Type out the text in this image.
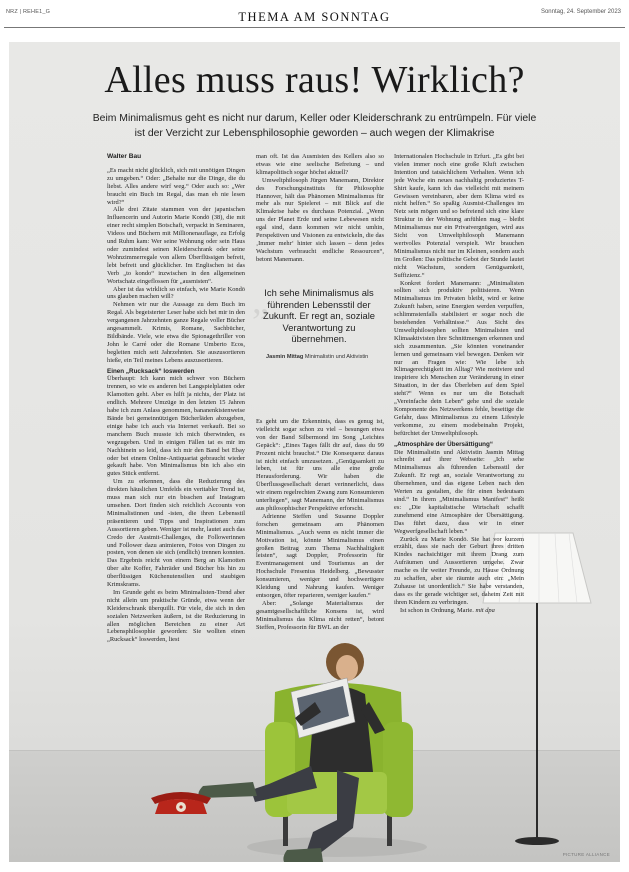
NRZ | REHE1_G	THEMA AM SONNTAG	Sonntag, 24. September 2023
PICTURE ALLIANCE
Alles muss raus! Wirklich?
Beim Minimalismus geht es nicht nur darum, Keller oder Kleiderschrank zu entrümpeln. Für viele ist der Verzicht zur Lebensphilosophie geworden – auch wegen der Klimakrise
Walter Bau

„Es macht nicht glücklich, sich mit unnötigen Dingen zu umgeben.“ Oder: „Behalte nur die Dinge, die du liebst. Alles andere wirf weg.“ Oder auch so: „Wer braucht ein Buch im Regal, das man eh nie lesen wird?“

Alle drei Zitate stammen von der japanischen Influencerin und Autorin Marie Kondō (38), die mit einer recht simplen Botschaft, verpackt in Seminaren, Videos und Büchern mit Millionenauflage, zu Erfolg und Ruhm kam: Wer seine Wohnung oder sein Haus oder zumindest seinen Kleiderschrank oder seine Wohnzimmerregale von allem Überflüssigen befreit, lebt befreit und glücklicher. Im Englischen ist das Verb „to kondo“ inzwischen in den allgemeinen Wortschatz eingeflossen für „ausmisten“.

Aber ist das wirklich so einfach, wie Marie Kondō uns glauben machen will?

Nehmen wir nur die Aussage zu dem Buch im Regal. Als begeisterter Leser habe sich bei mir in den vergangenen Jahrzehnten ganze Regale voller Bücher angesammelt. Krimis, Romane, Sachbücher, Bildbände. Viele, wie etwa die Spionagethriller von John le Carré oder die Romane Umberto Ecos, begleiten mich seit Jahrzehnten. Sie auszusortieren hieße, ein Teil meines Lebens auszusortieren.

Einen „Rucksack“ loswerden

Überhaupt: Ich kann mich schwer von Büchern trennen, so wie es anderen bei Langspielplatten oder Klamotten geht. Aber es hilft ja nichts, der Platz ist endlich. Mehrere Umzüge in den letzten 15 Jahren habe ich zum Anlass genommen, bananenkistenweise Bände bei gemeinnützigen Bücherläden abzugeben, einige habe ich auch via Internet verkauft. Bei so manchem Buch musste ich mich überwinden, es wegzugeben. Und in einigen Fällen tat es mir im Nachhinein so leid, dass ich mir den Band bei Ebay oder bei einem Online-Antiquariat gebraucht wieder gekauft habe. Von Minimalismus bin ich also ein gutes Stück entfernt.

Um zu erkennen, dass die Reduzierung des direkten häuslichen Umfelds ein veritabler Trend ist, muss man sich nur ein bisschen auf Instagram umsehen. Dort finden sich reichlich Accounts von Minimalistinnen und -isten, die ihren Lebensstil präsentieren und Tipps und Inspirationen zum Aussortieren geben. Weniger ist mehr, lautet auch das Credo der Austmit-Challenges, die Followerinnen und Follower dazu animieren, Fotos von Dingen zu posten, von denen sie sich (endlich) trennen konnten. Das Ergebnis reicht von einem Berg an Klamotten über alte Koffer, Fahrräder und Bücher bis hin zu überflüssigen Küchenutensilien und staubigen Krimskrams.

Im Grunde geht es beim Minimalisten-Trend aber nicht allein um praktische Gründe, etwa wenn der Kleiderschrank überquillt. Für viele, die sich in den sozialen Netzwerken äußern, ist die Reduzierung in allen möglichen Bereichen zu einer Art Lebensphilosophie geworden: Sie wollten einen „Rucksack“ loswerden, liest

man oft. Ist das Ausmisten des Kellers also so etwas wie eine seelische Befreiung – und klimapolitisch sogar höchst aktuell?

Umweltphilosoph Jürgen Manemann, Direktor des Forschungsinstituts für Philosophie Hannover, hält das Phänomen Minimalismus für mehr als nur Spielerei – mit Blick auf die Klimakrise habe es durchaus Potenzial. „Wenn uns der Planet Erde und seine Lebewesen nicht egal sind, dann kommen wir nicht umhin, Perspektiven und Visionen zu entwickeln, die das ‚Immer mehr‘ hinter sich lassen – denn jedes Wachstum verbraucht endliche Ressourcen“, betont Manemann.

„
Ich sehe Minimalismus als führenden Lebensstil der Zukunft. Er regt an, soziale Verantwortung zu übernehmen.
Jasmin Mittag Minimalistin und Aktivistin

Es geht um die Erkenntnis, dass es genug ist, vielleicht sogar schon zu viel – besungen etwa von der Band Silbermond im Song „Leichtes Gepäck“: „Eines Tages fällt dir auf, dass du 99 Prozent nicht brauchst.“ Die Konsequenz daraus ist nicht einfach umzusetzen. „Genügsamkeit zu leben, ist für uns alle eine große Herausforderung. Wir haben die Überflussgesellschaft derart verinnerlicht, dass wir einem regelrechten Zwang zum Konsumieren unterliegen“, sagt Manemann, der Minimalismus aus philosophischer Perspektive erforscht.

Adrienne Steffen und Susanne Doppler forschen gemeinsam am Phänomen Minimalismus. „Auch wenn es nicht immer die Motivation ist, könnte Minimalismus einen großen Beitrag zum Thema Nachhaltigkeit leisten“, sagt Doppler, Professorin für Eventmanagement und Tourismus an der Hochschule Fresenius Heidelberg. „Bewusster konsumieren, weniger und hochwertigere Kleidung und Nahrung kaufen. Weniger entsorgen, öfter reparieren, weniger kaufen.“

Aber: „Solange Materialismus der gesamtgesellschaftliche Konsens ist, wird Minimalismus das Klima nicht retten“, betont Steffen, Professorin für BWL an der

Internationalen Hochschule in Erfurt. „Es gibt bei vielen immer noch eine große Kluft zwischen Intention und tatsächlichem Verhalten. Wenn ich jede Woche ein neues nachhaltig produziertes T-Shirt kaufe, kann ich das vielleicht mit meinem Gewissen vereinbaren, aber dem Klima wird es nicht helfen.“ So spaßig Ausmist-Challenges im Netz sein mögen und so befreiend sich eine klare Struktur in der Wohnung anfühlen mag – bleibt Minimalismus nur ein Privatvergnügen, wird aus Sicht von Umweltphilosoph Manemann wertvolles Potenzial verspielt. Wir brauchen Minimalismus nicht nur im Kleinen, sondern auch im Großen: Das politische Gebot der Stunde lautet nicht Wachstum, sondern Genügsamkeit, Suffizienz.“

Konkret fordert Manemann: „Minimalisten sollten sich produktiv politisieren. Wenn Minimalismus im Privaten bleibt, wird er keine Zukunft haben, seine Energien werden verpuffen, schlimmstenfalls stabilisiert er sogar noch die bestehenden Verhältnisse.“ Aus Sicht des Umweltphilosophen sollten Minimalisten und Klimaaktivisten ihre Schnittmengen erkennen und sich zusammentun. „Sie könnten voneinander lernen und gemeinsam viel bewegen. Denken wir nur an Fragen wie: Wie lebe ich Klimagerechtigkeit im Alltag? Wie motiviere und inspiriere ich Menschen zur Veränderung in einer Situation, in der das Überleben auf dem Spiel steht?“ Wenn es nur um die Botschaft „Vereinfache dein Leben“ gehe und die soziale Komponente des Netzwerkens fehle, beseitige die Gefahr, dass Minimalismus zu einem Lifestyle verkomme, zu einem modebeinahn Projekt, befürchtet der Umweltphilosoph.

„Atmosphäre der Übersättigung“

Die Minimalistin und Aktivistin Jasmin Mittag schreibt auf ihrer Webseite: „Ich sehe Minimalismus als führenden Lebensstil der Zukunft. Er regt an, soziale Verantwortung zu übernehmen, und das eigene Leben nach den Werten zu gestalten, die für einen bedeutsam sind.“ In ihrem „Minimalismus Manifest“ heißt es: „Die kapitalistische Wirtschaft schafft zunehmend eine Atmosphäre der Übersättigung. Das führt dazu, dass wir in einer Wegwerfgesellschaft leben.“

Zurück zu Marie Kondō. Sie hat vor kurzem erzählt, dass sie nach der Geburt ihres dritten Kindes nachsichtiger mit ihrem Drang zum Aufräumen und Aussortieren umgehe. Zwar mache es ihr weiter Freunde, zu Hause Ordnung zu schaffen, aber sie räumte auch ein: „Mein Zuhause ist unordentlich.“ Sie habe verstanden, dass es ihr gerade wichtiger sei, daheim Zeit mit ihren Kindern zu verbringen.

Ist schon in Ordnung, Marie. mit dpa
